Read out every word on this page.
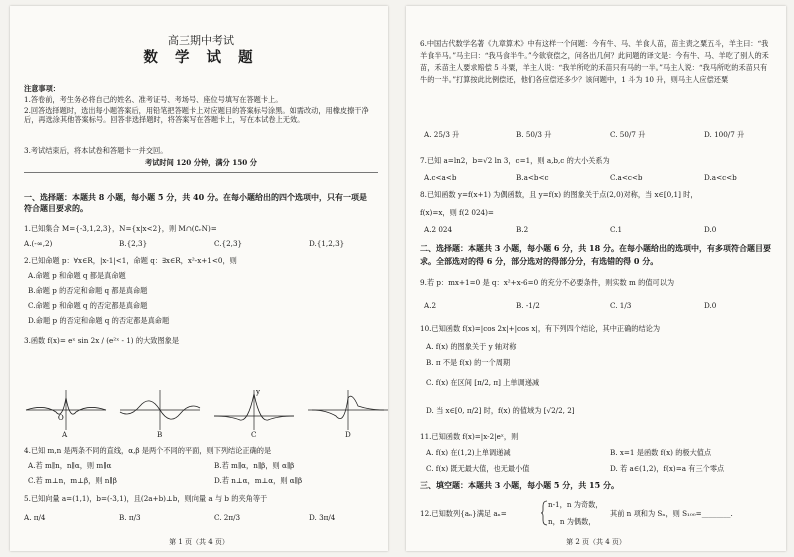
高三期中考试
数 学 试 题
注意事项：
1.答卷前，考生务必将自己的姓名、准考证号、考场号、座位号填写在答题卡上。
2.回答选择题时，选出每小题答案后，用铅笔把答题卡上对应题目的答案标号涂黑。如需改动，用橡皮擦干净后，再选涂其他答案标号。回答非选择题时，将答案写在答题卡上，写在本试卷上无效。
3.考试结束后，将本试卷和答题卡一并交回。
考试时间 120 分钟，满分 150 分
一、选择题：本题共 8 小题，每小题 5 分，共 40 分。在每小题给出的四个选项中，只有一项是符合题目要求的。
1.已知集合 M={-3,1,2,3}，N={x|x<2}，则 M∩(∁ᵣN)=
A.(-∞,2)	B.{2,3}	C.{2,3}	D.{1,2,3}
2.已知命题 p：∀x∈R，|x-1|<1，命题 q：∃x∈R，x²-x+1<0，则
A.命题 p 和命题 q 都是真命题
B.命题 p 的否定和命题 q 都是真命题
C.命题 p 和命题 q 的否定都是真命题
D.命题 p 的否定和命题 q 的否定都是真命题
3.函数 f(x)= eˣ sin 2x / (e²ˣ - 1) 的大致图象是
O
y
A	B	C	D
4.已知 m,n 是两条不同的直线，α,β 是两个不同的平面，则下列结论正确的是
A.若 m∥n，n∥α，则 m∥α	B.若 m∥α，n∥β，则 α∥β
C.若 m⊥n，m⊥β，则 n∥β	D.若 n⊥α，m⊥α，则 α∥β
5.已知向量 a=(1,1)，b=(-3,1)，且(2a+b)⊥b，则向量 a 与 b 的夹角等于
A. π/4	B. π/3	C. 2π/3	D. 3π/4
第 1 页（共 4 页）
6.中国古代数学名著《九章算术》中有这样一个问题：今有牛、马、羊食人苗，苗主责之粟五斗，羊主曰：“我羊食半马。”马主曰：“我马食半牛。”今欲衰偿之，问各出几何？此问题的译文是：今有牛、马、羊吃了别人的禾苗，禾苗主人要求赔偿 5 斗粟，羊主人说：“我羊所吃的禾苗只有马的一半。”马主人说：“我马所吃的禾苗只有牛的一半。”打算按此比例偿还，他们各应偿还多少？该问题中，1 斗为 10 升，则马主人应偿还粟
A. 25/3 升	B. 50/3 升	C. 50/7 升	D. 100/7 升
7.已知 a=ln2，b=√2 ln 3，c=1，则 a,b,c 的大小关系为
A.c<a<b	B.a<b<c	C.a<c<b	D.a<c<b
8.已知函数 y=f(x+1) 为偶函数，且 y=f(x) 的图象关于点(2,0)对称，当 x∈[0,1] 时，
f(x)=x，则 f(2 024)=
A.2 024	B.2	C.1	D.0
二、选择题：本题共 3 小题，每小题 6 分，共 18 分。在每小题给出的选项中，有多项符合题目要求。全部选对的得 6 分，部分选对的得部分分，有选错的得 0 分。
9.若 p：mx+1=0 是 q：x²+x-6=0 的充分不必要条件，则实数 m 的值可以为
A.2	B. -1/2	C. 1/3	D.0
10.已知函数 f(x)=|cos 2x|+|cos x|，有下列四个结论，其中正确的结论为
A. f(x) 的图象关于 y 轴对称
B. π 不是 f(x) 的一个周期
C. f(x) 在区间 [π/2, π] 上单调递减
D. 当 x∈[0, π/2] 时，f(x) 的值域为 [√2/2, 2]
11.已知函数 f(x)=|x-2|eˣ，则
A. f(x) 在(1,2)上单调递减	B. x=1 是函数 f(x) 的极大值点
C. f(x) 既无最大值，也无最小值	D. 若 a∈(1,2)，f(x)=a 有三个零点
三、填空题：本题共 3 小题，每小题 5 分，共 15 分。
12.已知数列{aₙ}满足 aₙ=
n-1，n 为奇数，
n，n 为偶数，
其前 n 项和为 Sₙ，则 S₁₀₀=________.
第 2 页（共 4 页）
